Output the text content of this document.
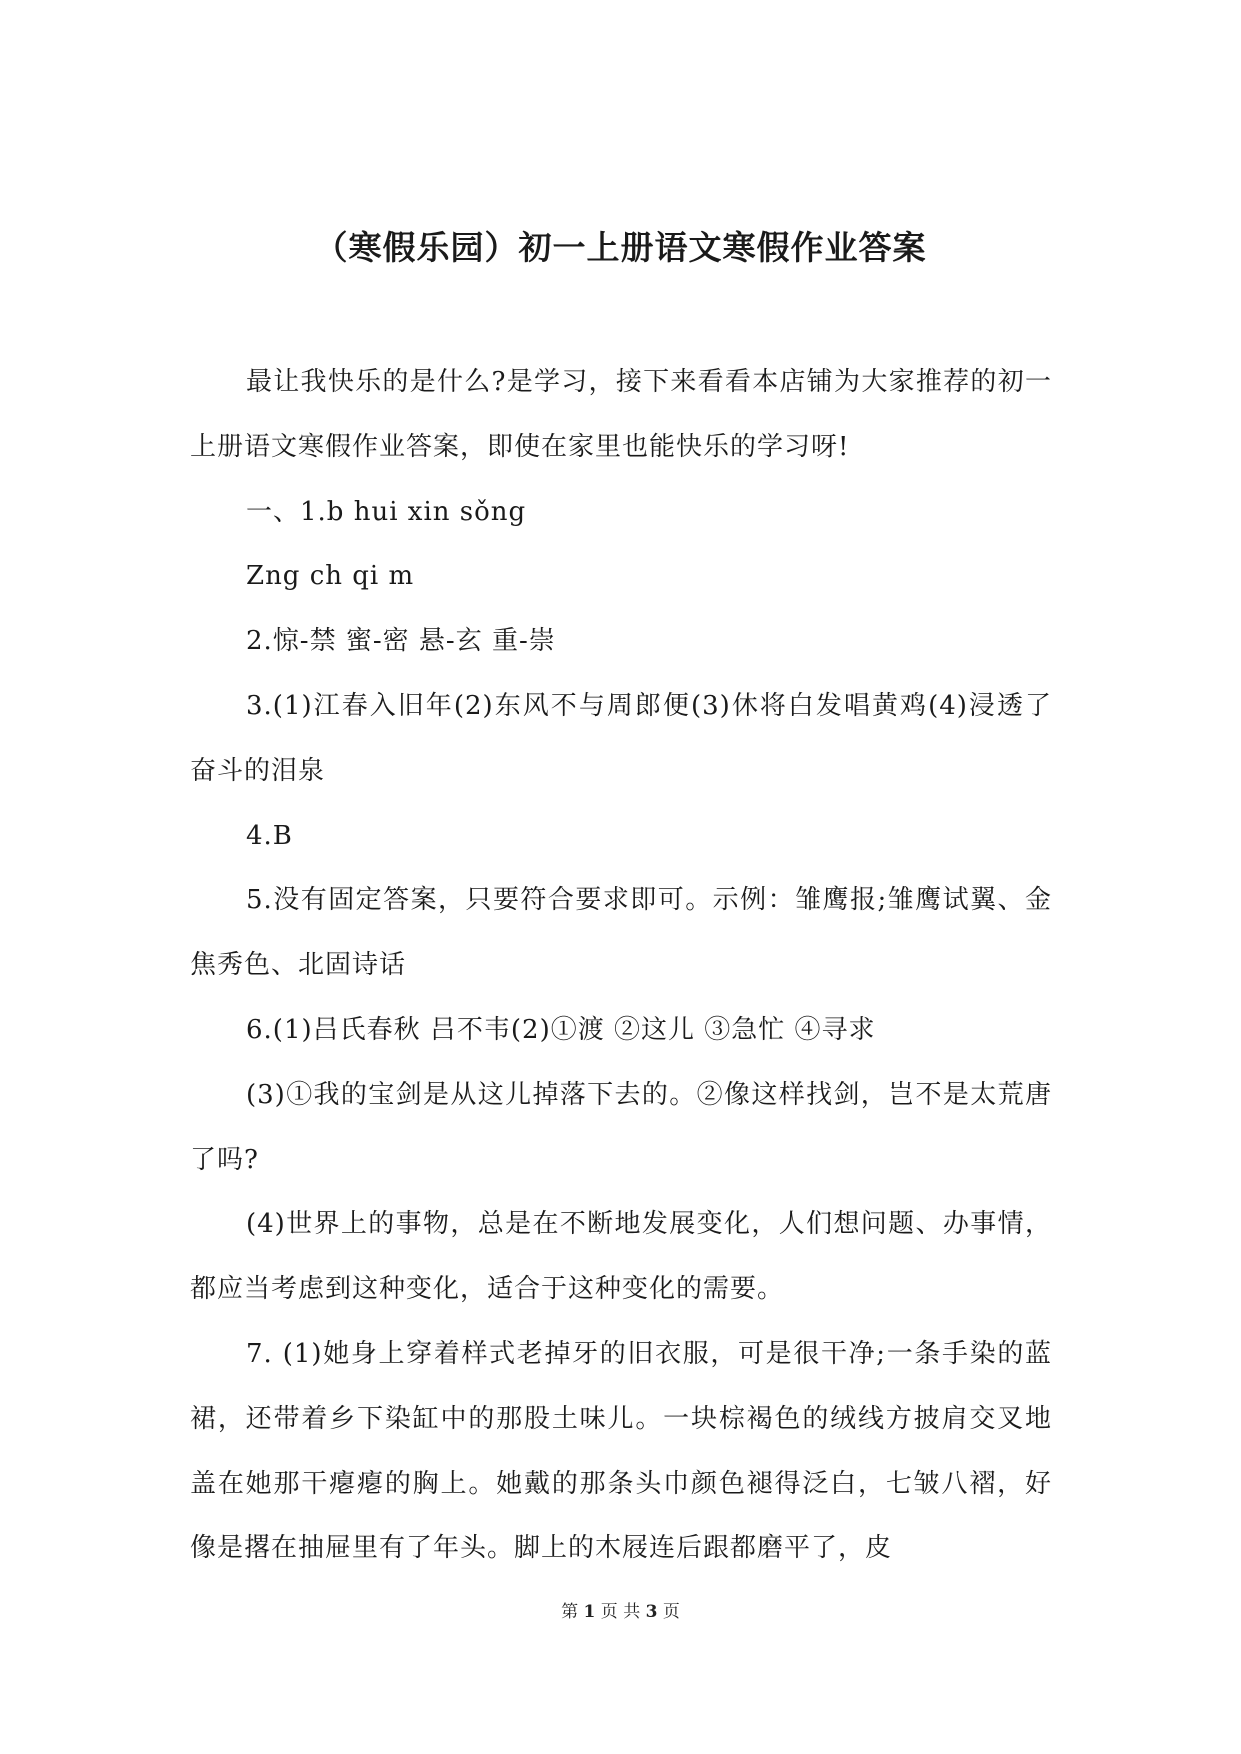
（寒假乐园）初一上册语文寒假作业答案

最让我快乐的是什么?是学习，接下来看看本店铺为大家推荐的初一上册语文寒假作业答案，即使在家里也能快乐的学习呀!

一、1.b hui xin sǒng

Zng ch qi m

2.惊-禁 蜜-密 悬-玄 重-崇

3.(1)江春入旧年(2)东风不与周郎便(3)休将白发唱黄鸡(4)浸透了奋斗的泪泉

4.B

5.没有固定答案，只要符合要求即可。示例：雏鹰报;雏鹰试翼、金焦秀色、北固诗话

6.(1)吕氏春秋 吕不韦(2)①渡 ②这儿 ③急忙 ④寻求

(3)①我的宝剑是从这儿掉落下去的。②像这样找剑，岂不是太荒唐了吗?

(4)世界上的事物，总是在不断地发展变化，人们想问题、办事情，都应当考虑到这种变化，适合于这种变化的需要。

7. (1)她身上穿着样式老掉牙的旧衣服，可是很干净;一条手染的蓝裙，还带着乡下染缸中的那股土味儿。一块棕褐色的绒线方披肩交叉地盖在她那干瘪瘪的胸上。她戴的那条头巾颜色褪得泛白，七皱八褶，好像是撂在抽屉里有了年头。脚上的木屐连后跟都磨平了，皮

第 1 页 共 3 页
